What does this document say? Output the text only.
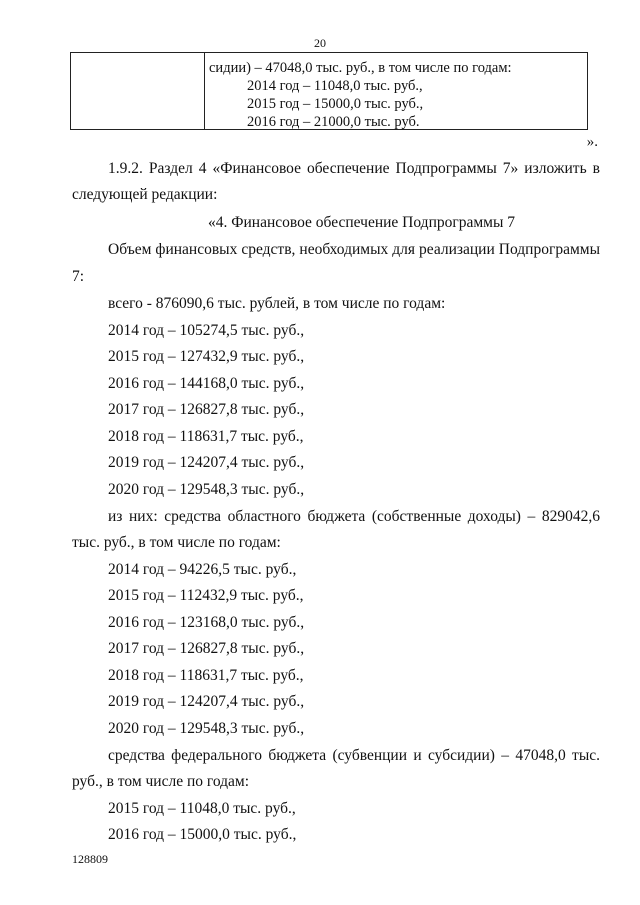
20
сидии) – 47048,0 тыс. руб., в том числе по годам:
2014 год – 11048,0 тыс. руб.,
2015 год – 15000,0 тыс. руб.,
2016 год – 21000,0 тыс. руб.
».
1.9.2. Раздел 4 «Финансовое обеспечение Подпрограммы 7» изложить в
следующей редакции:
«4. Финансовое обеспечение Подпрограммы 7
Объем финансовых средств, необходимых для реализации Подпрограммы
7:
всего - 876090,6 тыс. рублей, в том числе по годам:
2014 год – 105274,5 тыс. руб.,
2015 год – 127432,9 тыс. руб.,
2016 год – 144168,0 тыс. руб.,
2017 год – 126827,8 тыс. руб.,
2018 год – 118631,7 тыс. руб.,
2019 год – 124207,4 тыс. руб.,
2020 год – 129548,3 тыс. руб.,
из них: средства областного бюджета (собственные доходы) – 829042,6
тыс. руб., в том числе по годам:
2014 год – 94226,5 тыс. руб.,
2015 год – 112432,9 тыс. руб.,
2016 год – 123168,0 тыс. руб.,
2017 год – 126827,8 тыс. руб.,
2018 год – 118631,7 тыс. руб.,
2019 год – 124207,4 тыс. руб.,
2020 год – 129548,3 тыс. руб.,
средства федерального бюджета (субвенции и субсидии) – 47048,0 тыс.
руб., в том числе по годам:
2015 год – 11048,0 тыс. руб.,
2016 год – 15000,0 тыс. руб.,
128809
